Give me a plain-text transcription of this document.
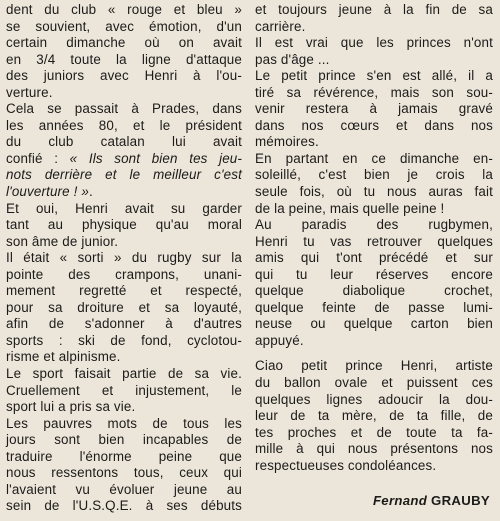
dent du club « rouge et bleu »
se souvient, avec émotion, d'un
certain dimanche où on avait
en 3/4 toute la ligne d'attaque
des juniors avec Henri à l'ou-
verture.

Cela se passait à Prades, dans
les années 80, et le président
du club catalan lui avait
confié : « Ils sont bien tes jeu-
nots derrière et le meilleur c'est
l'ouverture ! ».

Et oui, Henri avait su garder
tant au physique qu'au moral
son âme de junior.

Il était « sorti » du rugby sur la
pointe des crampons, unani-
mement regretté et respecté,
pour sa droiture et sa loyauté,
afin de s'adonner à d'autres
sports : ski de fond, cyclotou-
risme et alpinisme.

Le sport faisait partie de sa vie.
Cruellement et injustement, le
sport lui a pris sa vie.

Les pauvres mots de tous les
jours sont bien incapables de
traduire l'énorme peine que
nous ressentons tous, ceux qui
l'avaient vu évoluer jeune au
sein de l'U.S.Q.E. à ses débuts

et toujours jeune à la fin de sa
carrière.

Il est vrai que les princes n'ont
pas d'âge ...

Le petit prince s'en est allé, il a
tiré sa révérence, mais son sou-
venir restera à jamais gravé
dans nos cœurs et dans nos
mémoires.

En partant en ce dimanche en-
soleillé, c'est bien je crois la
seule fois, où tu nous auras fait
de la peine, mais quelle peine !

Au paradis des rugbymen,
Henri tu vas retrouver quelques
amis qui t'ont précédé et sur
qui tu leur réserves encore
quelque diabolique crochet,
quelque feinte de passe lumi-
neuse ou quelque carton bien
appuyé.

Ciao petit prince Henri, artiste
du ballon ovale et puissent ces
quelques lignes adoucir la dou-
leur de ta mère, de ta fille, de
tes proches et de toute ta fa-
mille à qui nous présentons nos
respectueuses condoléances.

Fernand GRAUBY
